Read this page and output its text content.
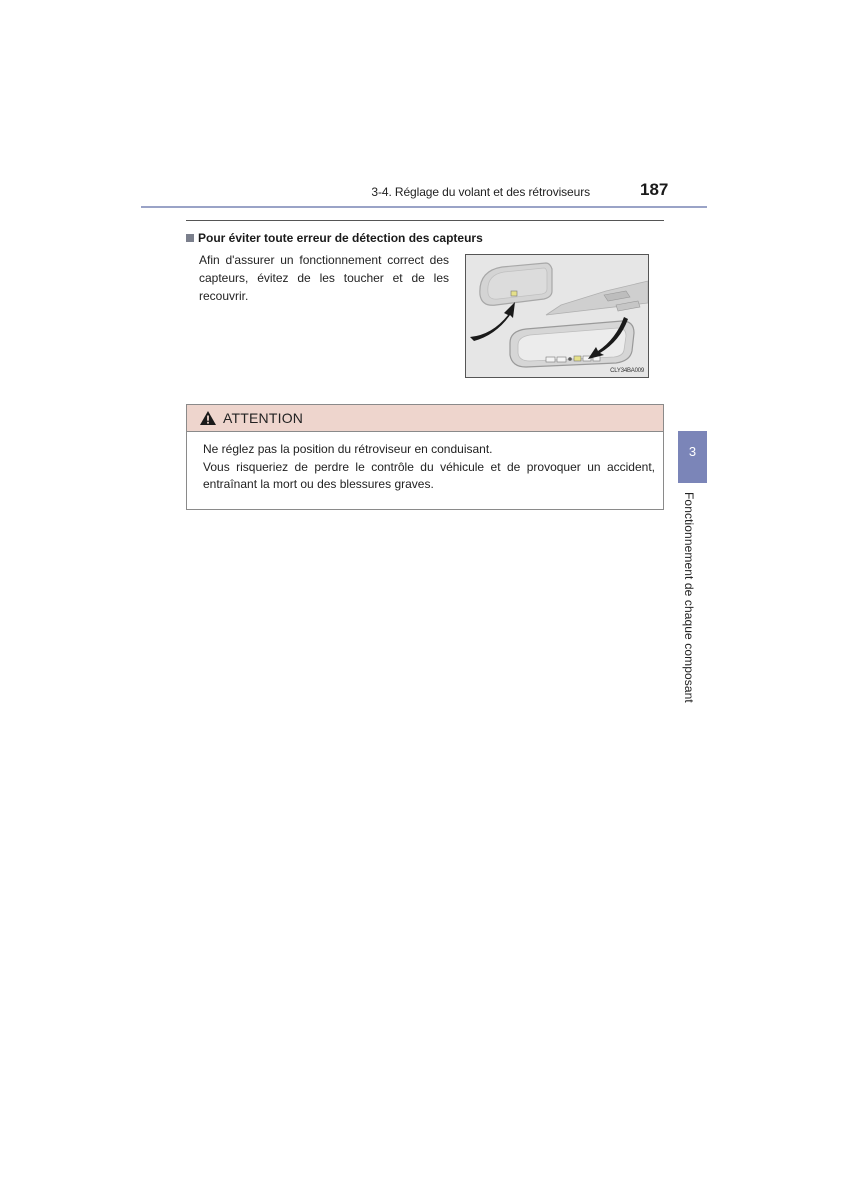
3-4. Réglage du volant et des rétroviseurs	187
Pour éviter toute erreur de détection des capteurs
Afin d'assurer un fonctionnement correct des capteurs, évitez de les toucher et de les recouvrir.
CLY34BA009
ATTENTION
Ne réglez pas la position du rétroviseur en conduisant.
Vous risqueriez de perdre le contrôle du véhicule et de provoquer un accident, entraînant la mort ou des blessures graves.
3
Fonctionnement de chaque composant
